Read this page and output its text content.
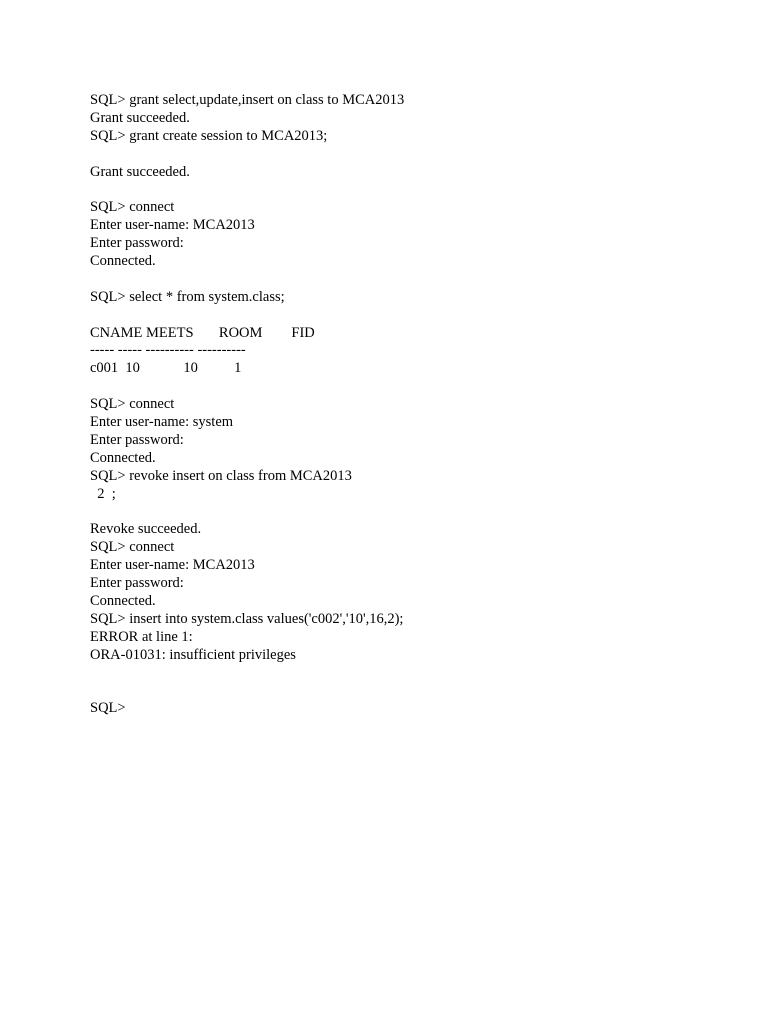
SQL> grant select,update,insert on class to MCA2013
Grant succeeded.
SQL> grant create session to MCA2013;
Grant succeeded.
SQL> connect
Enter user-name: MCA2013
Enter password:
Connected.
SQL> select * from system.class;
CNAME MEETS       ROOM        FID
----- ----- ---------- ----------
c001  10            10          1
SQL> connect
Enter user-name: system
Enter password:
Connected.
SQL> revoke insert on class from MCA2013
2  ;
Revoke succeeded.
SQL> connect
Enter user-name: MCA2013
Enter password:
Connected.
SQL> insert into system.class values('c002','10',16,2);
ERROR at line 1:
ORA-01031: insufficient privileges
SQL>
